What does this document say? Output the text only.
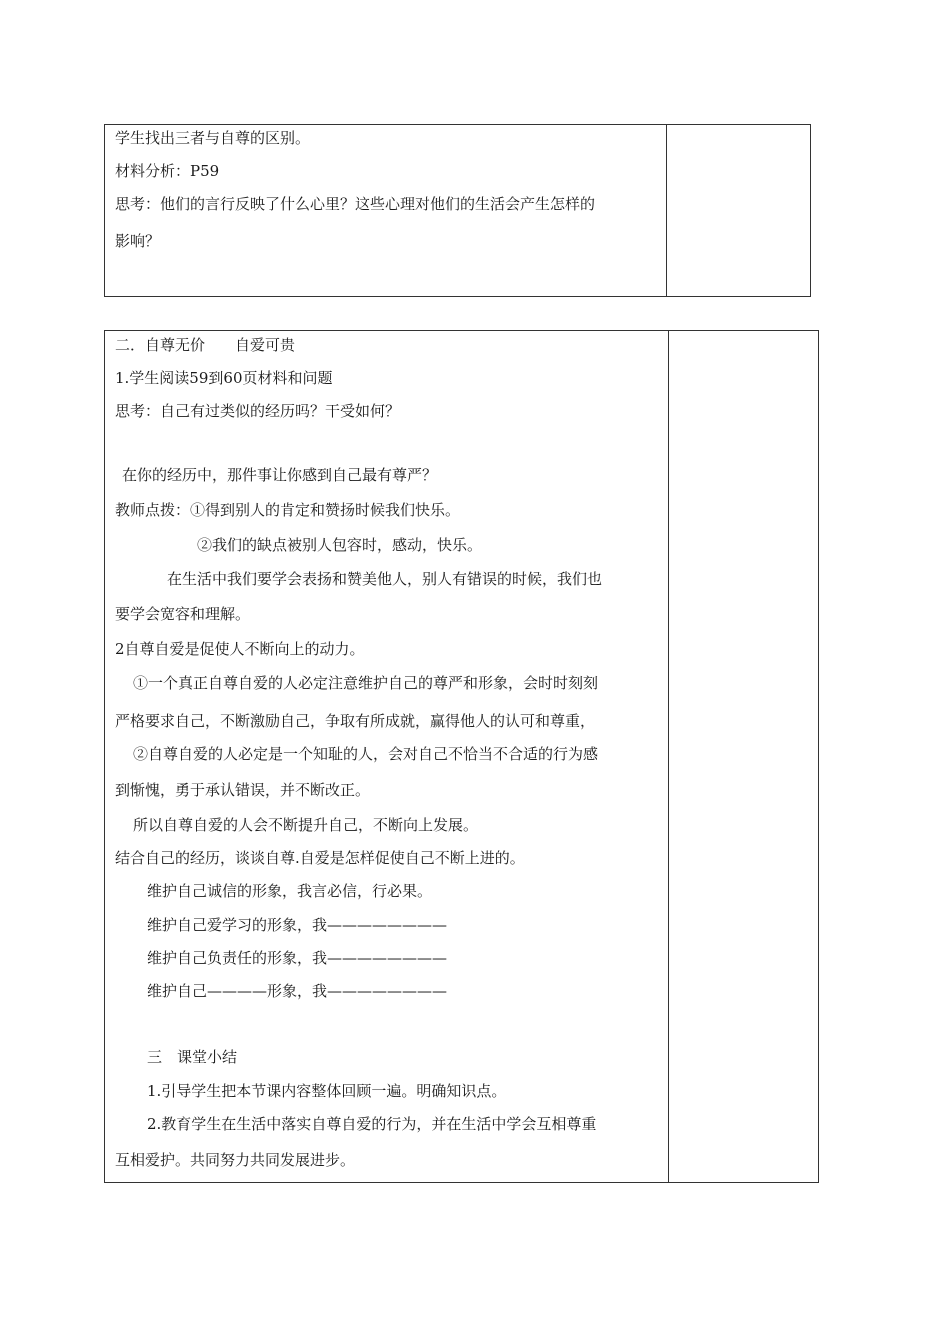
学生找出三者与自尊的区别。
材料分析：P59
思考：他们的言行反映了什么心里？这些心理对他们的生活会产生怎样的
影响？
二．自尊无价　　自爱可贵
1.学生阅读59到60页材料和问题
思考：自己有过类似的经历吗？干受如何？
在你的经历中，那件事让你感到自己最有尊严？
教师点拨：①得到别人的肯定和赞扬时候我们快乐。
②我们的缺点被别人包容时，感动，快乐。
在生活中我们要学会表扬和赞美他人，别人有错误的时候，我们也
要学会宽容和理解。
2自尊自爱是促使人不断向上的动力。
①一个真正自尊自爱的人必定注意维护自己的尊严和形象，会时时刻刻
严格要求自己，不断激励自己，争取有所成就，赢得他人的认可和尊重，
②自尊自爱的人必定是一个知耻的人，会对自己不恰当不合适的行为感
到惭愧，勇于承认错误，并不断改正。
所以自尊自爱的人会不断提升自己，不断向上发展。
结合自己的经历，谈谈自尊.自爱是怎样促使自己不断上进的。
维护自己诚信的形象，我言必信，行必果。
维护自己爱学习的形象，我————————
维护自己负责任的形象，我————————
维护自己————形象，我————————
三　课堂小结
1.引导学生把本节课内容整体回顾一遍。明确知识点。
2.教育学生在生活中落实自尊自爱的行为，并在生活中学会互相尊重
互相爱护。共同努力共同发展进步。
